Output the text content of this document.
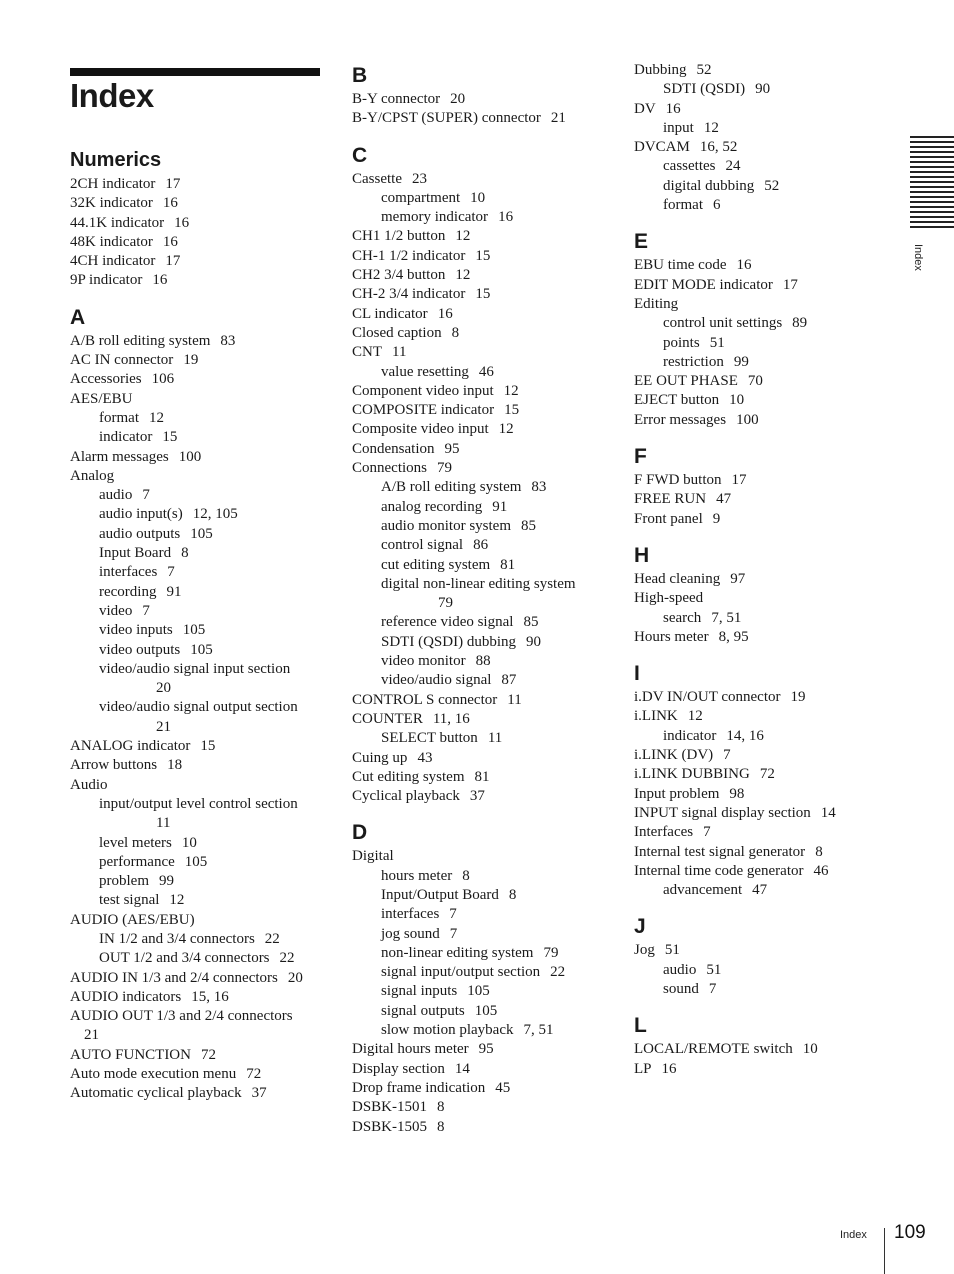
Index
Numerics
2CH indicator 17
32K indicator 16
44.1K indicator 16
48K indicator 16
4CH indicator 17
9P indicator 16
A
A/B roll editing system 83
AC IN connector 19
Accessories 106
AES/EBU
format 12
indicator 15
Alarm messages 100
Analog
audio 7
audio input(s) 12, 105
audio outputs 105
Input Board 8
interfaces 7
recording 91
video 7
video inputs 105
video outputs 105
video/audio signal input section
20
video/audio signal output section
21
ANALOG indicator 15
Arrow buttons 18
Audio
input/output level control section
11
level meters 10
performance 105
problem 99
test signal 12
AUDIO (AES/EBU)
IN 1/2 and 3/4 connectors 22
OUT 1/2 and 3/4 connectors 22
AUDIO IN 1/3 and 2/4 connectors 20
AUDIO indicators 15, 16
AUDIO OUT 1/3 and 2/4 connectors
21
AUTO FUNCTION 72
Auto mode execution menu 72
Automatic cyclical playback 37
B
B-Y connector 20
B-Y/CPST (SUPER) connector 21
C
Cassette 23
compartment 10
memory indicator 16
CH1 1/2 button 12
CH-1 1/2 indicator 15
CH2 3/4 button 12
CH-2 3/4 indicator 15
CL indicator 16
Closed caption 8
CNT 11
value resetting 46
Component video input 12
COMPOSITE indicator 15
Composite video input 12
Condensation 95
Connections 79
A/B roll editing system 83
analog recording 91
audio monitor system 85
control signal 86
cut editing system 81
digital non-linear editing system
79
reference video signal 85
SDTI (QSDI) dubbing 90
video monitor 88
video/audio signal 87
CONTROL S connector 11
COUNTER 11, 16
SELECT button 11
Cuing up 43
Cut editing system 81
Cyclical playback 37
D
Digital
hours meter 8
Input/Output Board 8
interfaces 7
jog sound 7
non-linear editing system 79
signal input/output section 22
signal inputs 105
signal outputs 105
slow motion playback 7, 51
Digital hours meter 95
Display section 14
Drop frame indication 45
DSBK-1501 8
DSBK-1505 8
Dubbing 52
SDTI (QSDI) 90
DV 16
input 12
DVCAM 16, 52
cassettes 24
digital dubbing 52
format 6
E
EBU time code 16
EDIT MODE indicator 17
Editing
control unit settings 89
points 51
restriction 99
EE OUT PHASE 70
EJECT button 10
Error messages 100
F
F FWD button 17
FREE RUN 47
Front panel 9
H
Head cleaning 97
High-speed
search 7, 51
Hours meter 8, 95
I
i.DV IN/OUT connector 19
i.LINK 12
indicator 14, 16
i.LINK (DV) 7
i.LINK DUBBING 72
Input problem 98
INPUT signal display section 14
Interfaces 7
Internal test signal generator 8
Internal time code generator 46
advancement 47
J
Jog 51
audio 51
sound 7
L
LOCAL/REMOTE switch 10
LP 16
Index
Index 109
